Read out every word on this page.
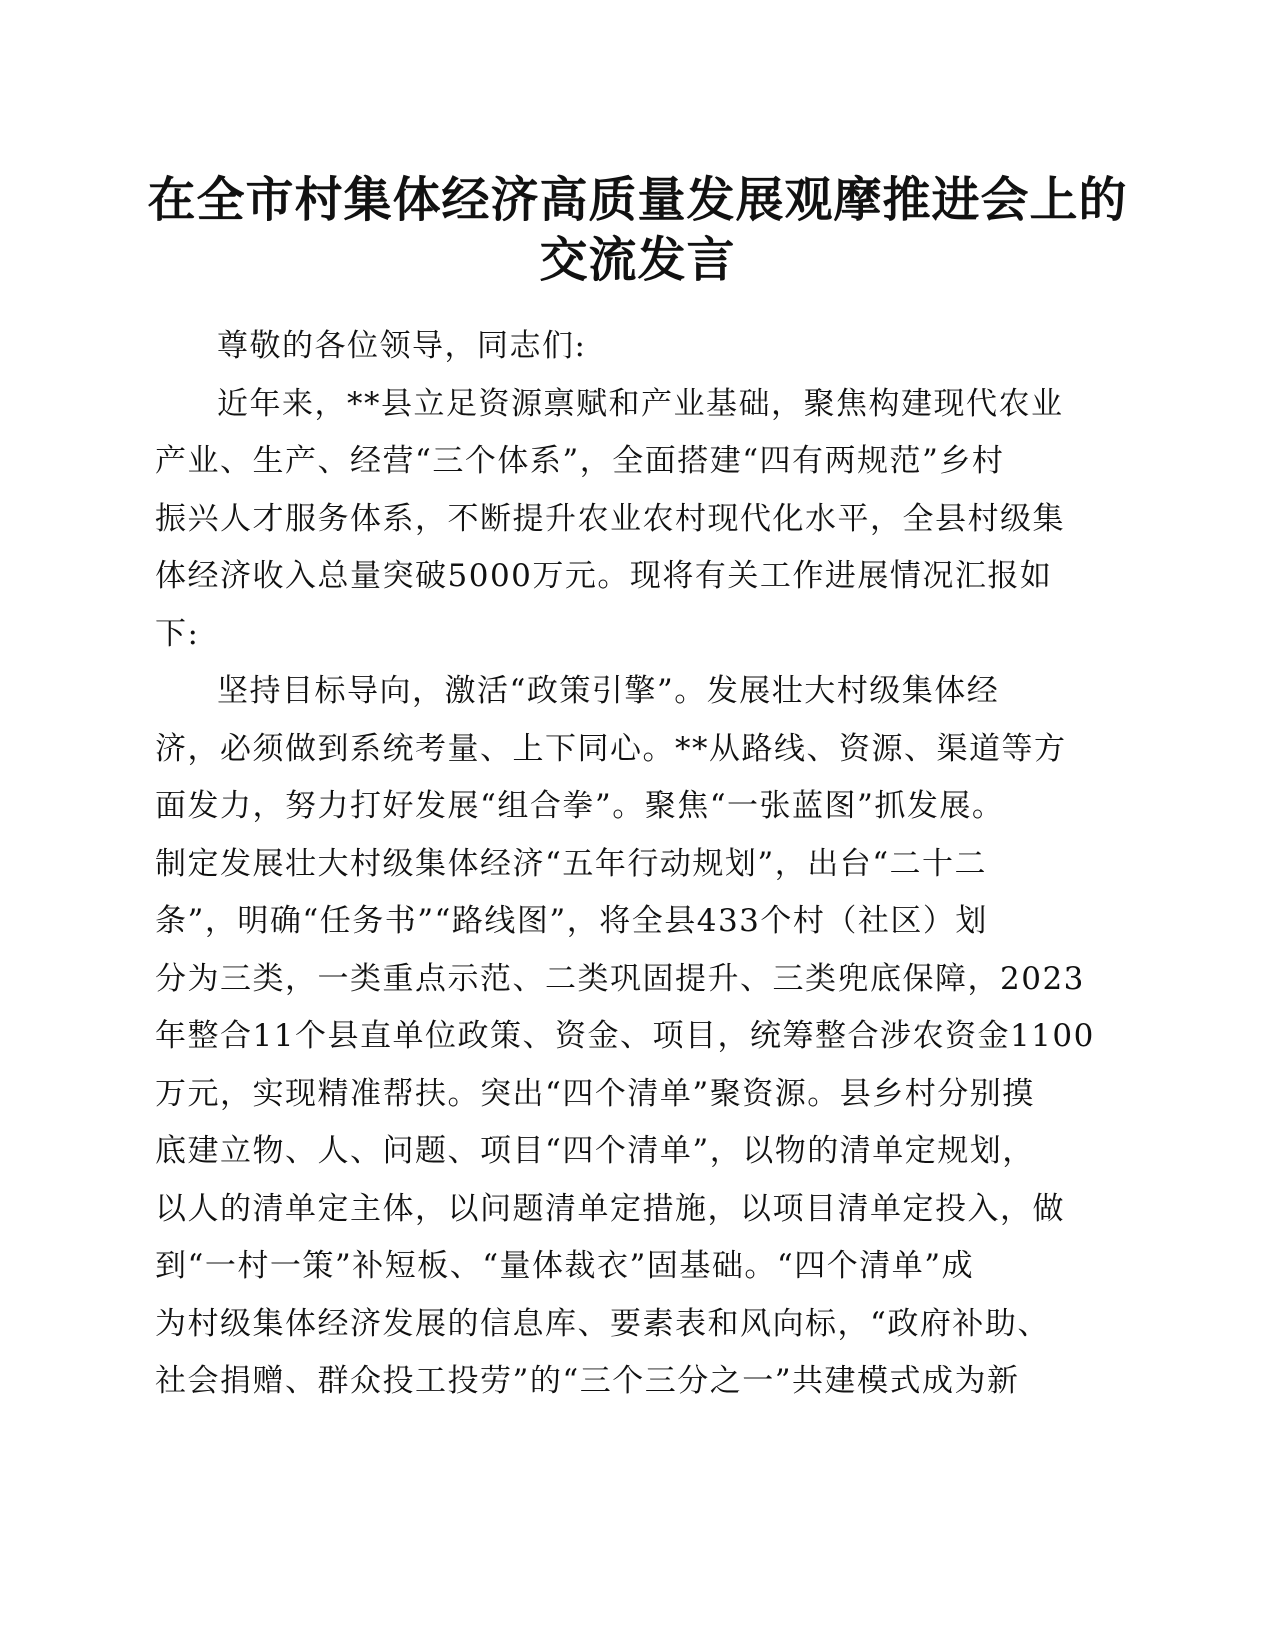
在全市村集体经济高质量发展观摩推进会上的
交流发言
尊敬的各位领导，同志们:
近年来，**县立足资源禀赋和产业基础，聚焦构建现代农业
产业、生产、经营“三个体系”，全面搭建“四有两规范”乡村
振兴人才服务体系，不断提升农业农村现代化水平，全县村级集
体经济收入总量突破5000万元。现将有关工作进展情况汇报如
下:
坚持目标导向，激活“政策引擎”。发展壮大村级集体经
济，必须做到系统考量、上下同心。**从路线、资源、渠道等方
面发力，努力打好发展“组合拳”。聚焦“一张蓝图”抓发展。
制定发展壮大村级集体经济“五年行动规划”，出台“二十二
条”，明确“任务书”“路线图”，将全县433个村（社区）划
分为三类，一类重点示范、二类巩固提升、三类兜底保障，2023
年整合11个县直单位政策、资金、项目，统筹整合涉农资金1100
万元，实现精准帮扶。突出“四个清单”聚资源。县乡村分别摸
底建立物、人、问题、项目“四个清单”，以物的清单定规划，
以人的清单定主体，以问题清单定措施，以项目清单定投入，做
到“一村一策”补短板、“量体裁衣”固基础。“四个清单”成
为村级集体经济发展的信息库、要素表和风向标，“政府补助、
社会捐赠、群众投工投劳”的“三个三分之一”共建模式成为新
